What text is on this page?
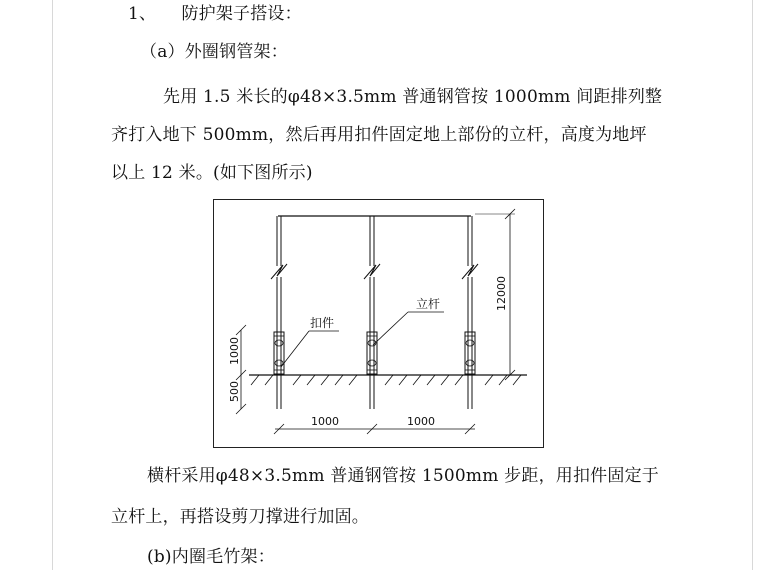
1、 防护架子搭设：
（a）外圈钢管架：
先用 1.5 米长的φ48×3.5mm 普通钢管按 1000mm 间距排列整
齐打入地下 500mm，然后再用扣件固定地上部份的立杆，高度为地坪
以上 12 米。(如下图所示)
扣件
立杆	12000
1000
500
1000	1000
横杆采用φ48×3.5mm 普通钢管按 1500mm 步距，用扣件固定于
立杆上，再搭设剪刀撑进行加固。
(b)内圈毛竹架：
